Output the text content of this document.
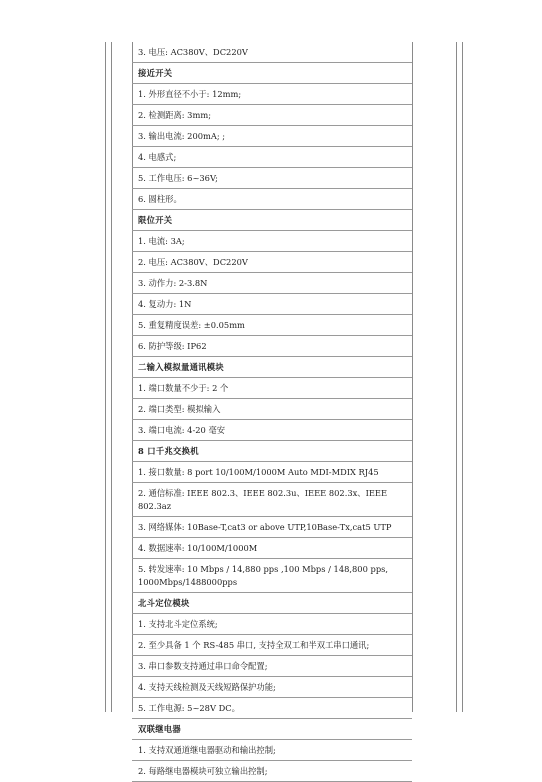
3. 电压: AC380V、DC220V
接近开关
1. 外形直径不小于: 12mm;
2. 检测距离: 3mm;
3. 输出电流: 200mA; ;
4. 电感式;
5. 工作电压: 6~36V;
6. 圆柱形。
限位开关
1. 电流: 3A;
2. 电压: AC380V、DC220V
3. 动作力: 2-3.8N
4. 复动力: 1N
5. 重复精度误差: ±0.05mm
6. 防护等级: IP62
二输入模拟量通讯模块
1. 端口数量不少于: 2 个
2. 端口类型: 模拟输入
3. 端口电流: 4-20 毫安
8 口千兆交换机
1. 接口数量: 8 port 10/100M/1000M Auto MDI-MDIX RJ45
2. 通信标准: IEEE 802.3、IEEE 802.3u、IEEE 802.3x、IEEE 802.3az
3. 网络媒体: 10Base-T,cat3 or above UTP,10Base-Tx,cat5 UTP
4. 数据速率: 10/100M/1000M
5. 转发速率: 10 Mbps / 14,880 pps ,100 Mbps / 148,800 pps, 1000Mbps/1488000pps
北斗定位模块
1. 支持北斗定位系统;
2. 至少具备 1 个 RS-485 串口, 支持全双工和半双工串口通讯;
3. 串口参数支持通过串口命令配置;
4. 支持天线检测及天线短路保护功能;
5. 工作电源: 5~28V DC。
双联继电器
1. 支持双通道继电器驱动和输出控制;
2. 每路继电器模块可独立输出控制;
